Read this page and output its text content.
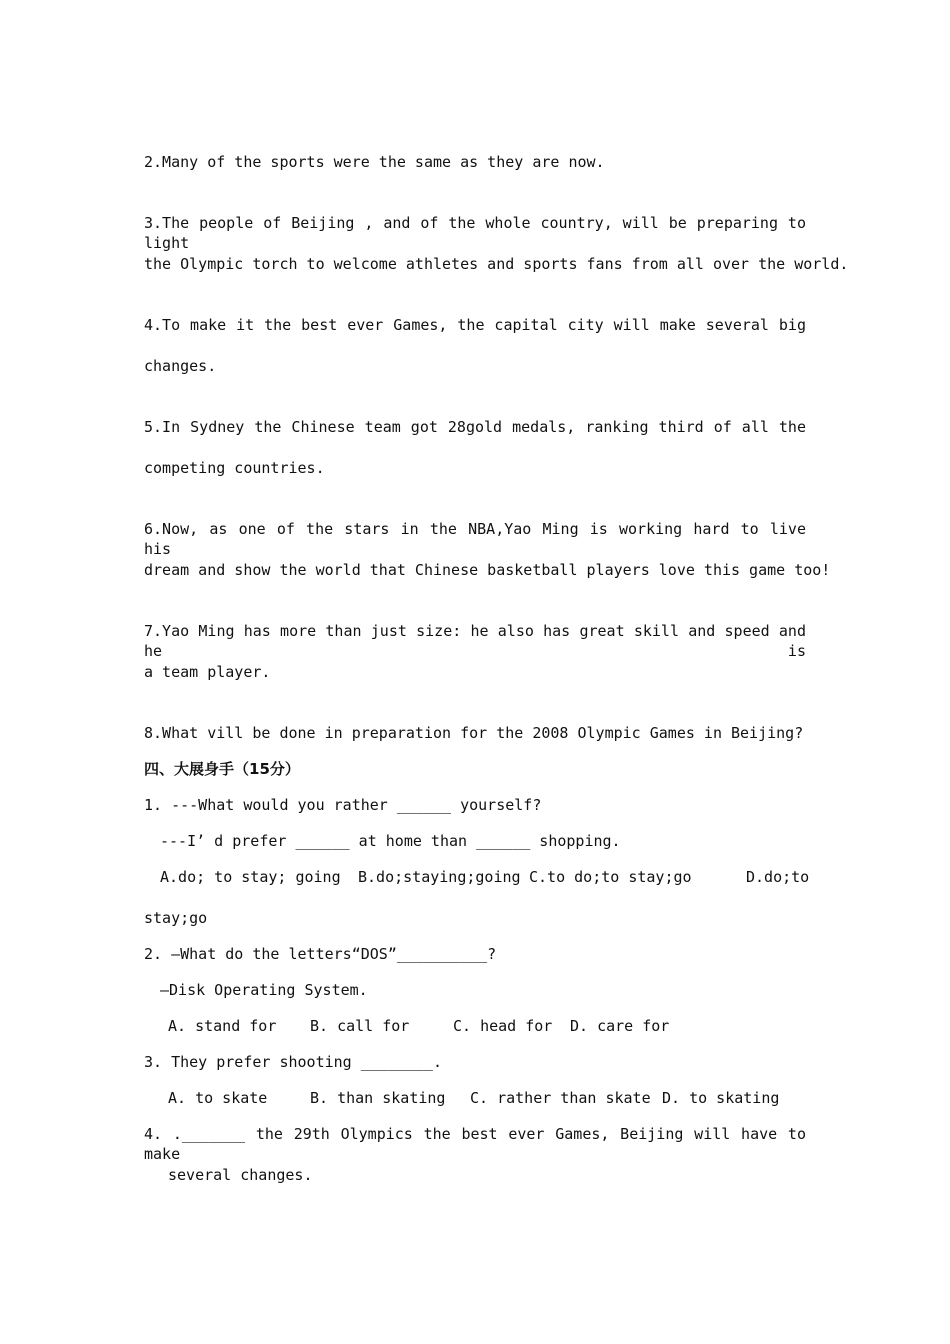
2.Many of the sports were the same as they are now.
3.The people of Beijing , and of the whole country, will be preparing to light
the Olympic torch to welcome athletes and sports fans from all over the world.
4.To make it the best ever Games, the capital city will make several big
changes.
5.In Sydney the Chinese team got 28gold medals, ranking third of all the
competing countries.
6.Now, as one of the stars in the NBA,Yao Ming is working hard to live his
dream and show the world that Chinese basketball players love this game too!
7.Yao Ming has more than just size: he also has great skill and speed and he is
a team player.
8.What vill be done in preparation for the 2008 Olympic Games in Beijing?
四、大展身手（15分）
1. ---What would you rather ______ yourself?
---I’ d prefer ______ at home than ______ shopping.
A.do; to stay; going B.do;staying;going C.to do;to stay;go	D.do;to
stay;go
2. —What do the letters“DOS”__________?
—Disk Operating System.
A. stand for B. call for	C. head for D. care for
3. They prefer shooting ________.
A. to skate	B. than skating C. rather than skate D. to skating
4. ._______ the 29th Olympics the best ever Games, Beijing will have to make
several changes.
